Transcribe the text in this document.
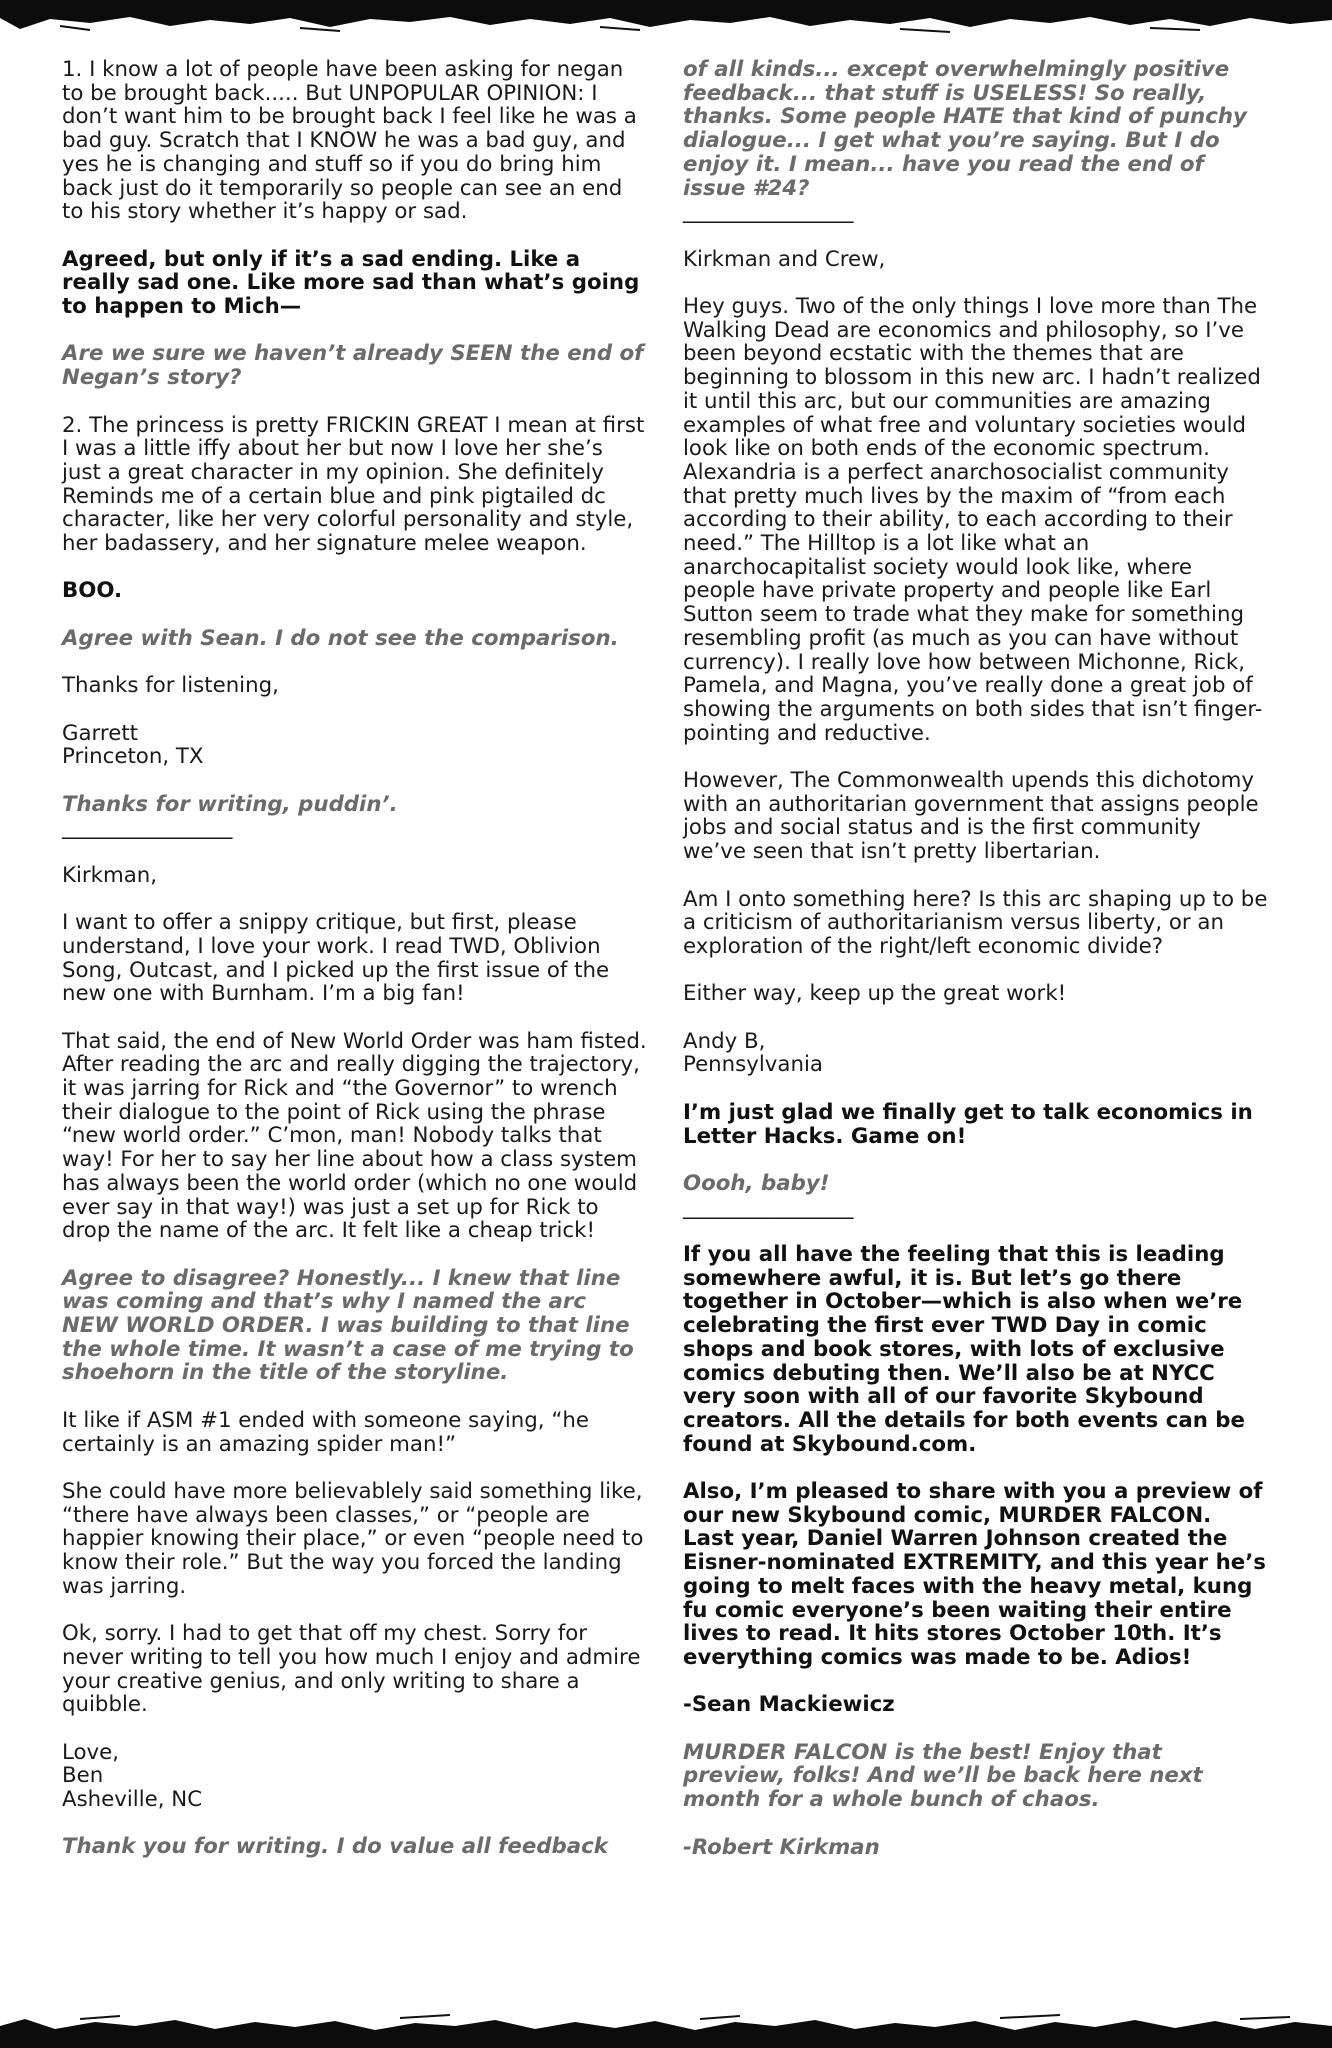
1. I know a lot of people have been asking for negan to be brought back..... But UNPOPULAR OPINION: I don’t want him to be brought back I feel like he was a bad guy. Scratch that I KNOW he was a bad guy, and yes he is changing and stuff so if you do bring him back just do it temporarily so people can see an end to his story whether it’s happy or sad.

Agreed, but only if it’s a sad ending. Like a really sad one. Like more sad than what’s going to happen to Mich—

Are we sure we haven’t already SEEN the end of Negan’s story?

2. The princess is pretty FRICKIN GREAT I mean at first I was a little iffy about her but now I love her she’s just a great character in my opinion. She definitely Reminds me of a certain blue and pink pigtailed dc character, like her very colorful personality and style, her badassery, and her signature melee weapon.

BOO.

Agree with Sean. I do not see the comparison.

Thanks for listening,

Garrett
Princeton, TX

Thanks for writing, puddin’.

________________

Kirkman,

I want to offer a snippy critique, but first, please understand, I love your work. I read TWD, Oblivion Song, Outcast, and I picked up the first issue of the new one with Burnham. I’m a big fan!

That said, the end of New World Order was ham fisted. After reading the arc and really digging the trajectory, it was jarring for Rick and “the Governor” to wrench their dialogue to the point of Rick using the phrase “new world order.” C’mon, man! Nobody talks that way! For her to say her line about how a class system has always been the world order (which no one would ever say in that way!) was just a set up for Rick to drop the name of the arc. It felt like a cheap trick!

Agree to disagree? Honestly... I knew that line was coming and that’s why I named the arc NEW WORLD ORDER. I was building to that line the whole time. It wasn’t a case of me trying to shoehorn in the title of the storyline.

It like if ASM #1 ended with someone saying, “he certainly is an amazing spider man!”

She could have more believablely said something like, “there have always been classes,” or “people are happier knowing their place,” or even “people need to know their role.” But the way you forced the landing was jarring.

Ok, sorry. I had to get that off my chest. Sorry for never writing to tell you how much I enjoy and admire your creative genius, and only writing to share a quibble.

Love,
Ben
Asheville, NC

Thank you for writing. I do value all feedback

of all kinds... except overwhelmingly positive feedback... that stuff is USELESS! So really, thanks. Some people HATE that kind of punchy dialogue... I get what you’re saying. But I do enjoy it. I mean... have you read the end of issue #24?

________________

Kirkman and Crew,

Hey guys. Two of the only things I love more than The Walking Dead are economics and philosophy, so I’ve been beyond ecstatic with the themes that are beginning to blossom in this new arc. I hadn’t realized it until this arc, but our communities are amazing examples of what free and voluntary societies would look like on both ends of the economic spectrum. Alexandria is a perfect anarchosocialist community that pretty much lives by the maxim of “from each according to their ability, to each according to their need.” The Hilltop is a lot like what an anarchocapitalist society would look like, where people have private property and people like Earl Sutton seem to trade what they make for something resembling profit (as much as you can have without currency). I really love how between Michonne, Rick, Pamela, and Magna, you’ve really done a great job of showing the arguments on both sides that isn’t finger-pointing and reductive.

However, The Commonwealth upends this dichotomy with an authoritarian government that assigns people jobs and social status and is the first community we’ve seen that isn’t pretty libertarian.

Am I onto something here? Is this arc shaping up to be a criticism of authoritarianism versus liberty, or an exploration of the right/left economic divide?

Either way, keep up the great work!

Andy B,
Pennsylvania

I’m just glad we finally get to talk economics in Letter Hacks. Game on!

Oooh, baby!

________________

If you all have the feeling that this is leading somewhere awful, it is. But let’s go there together in October—which is also when we’re celebrating the first ever TWD Day in comic shops and book stores, with lots of exclusive comics debuting then. We’ll also be at NYCC very soon with all of our favorite Skybound creators. All the details for both events can be found at Skybound.com.

Also, I’m pleased to share with you a preview of our new Skybound comic, MURDER FALCON. Last year, Daniel Warren Johnson created the Eisner-nominated EXTREMITY, and this year he’s going to melt faces with the heavy metal, kung fu comic everyone’s been waiting their entire lives to read. It hits stores October 10th. It’s everything comics was made to be. Adios!

-Sean Mackiewicz

MURDER FALCON is the best! Enjoy that preview, folks! And we’ll be back here next month for a whole bunch of chaos.

-Robert Kirkman
